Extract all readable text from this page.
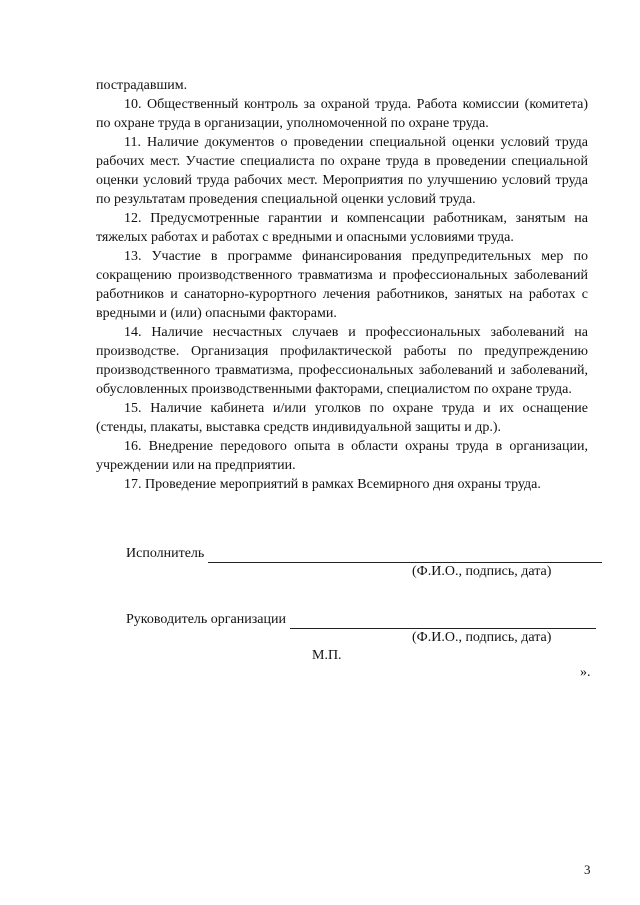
пострадавшим.

10. Общественный контроль за охраной труда. Работа комиссии (комитета) по охране труда в организации, уполномоченной по охране труда.

11. Наличие документов о проведении специальной оценки условий труда рабочих мест. Участие специалиста по охране труда в проведении специальной оценки условий труда рабочих мест. Мероприятия по улучшению условий труда по результатам проведения специальной оценки условий труда.

12. Предусмотренные гарантии и компенсации работникам, занятым на тяжелых работах и работах с вредными и опасными условиями труда.

13. Участие в программе финансирования предупредительных мер по сокращению производственного травматизма и профессиональных заболеваний работников и санаторно-курортного лечения работников, занятых на работах с вредными и (или) опасными факторами.

14. Наличие несчастных случаев и профессиональных заболеваний на производстве. Организация профилактической работы по предупреждению производственного травматизма, профессиональных заболеваний и заболеваний, обусловленных производственными факторами, специалистом по охране труда.

15. Наличие кабинета и/или уголков по охране труда и их оснащение (стенды, плакаты, выставка средств индивидуальной защиты и др.).

16. Внедрение передового опыта в области охраны труда в организации, учреждении или на предприятии.

17. Проведение мероприятий в рамках Всемирного дня охраны труда.

Исполнитель
(Ф.И.О., подпись, дата)
Руководитель организации
(Ф.И.О., подпись, дата)
М.П.
».
3
